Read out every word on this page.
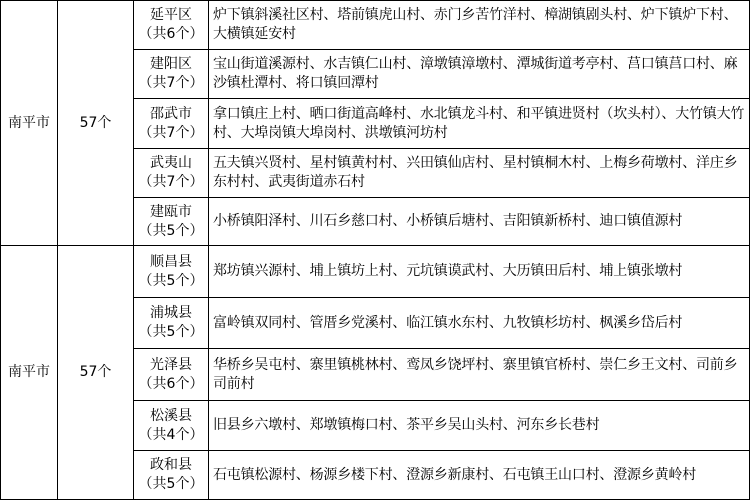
南平市	57个	延平区
（共6个）	炉下镇斜溪社区村、塔前镇虎山村、赤门乡苦竹洋村、樟湖镇剧头村、炉下镇炉下村、大横镇延安村

		建阳区
（共7个）	宝山街道溪源村、水吉镇仁山村、漳墩镇漳墩村、潭城街道考亭村、莒口镇莒口村、麻沙镇杜潭村、将口镇回潭村

		邵武市
（共7个）	拿口镇庄上村、晒口街道高峰村、水北镇龙斗村、和平镇进贤村（坎头村）、大竹镇大竹村、大埠岗镇大埠岗村、洪墩镇河坊村

		武夷山
（共7个）	五夫镇兴贤村、星村镇黄村村、兴田镇仙店村、星村镇桐木村、上梅乡荷墩村、洋庄乡东村村、武夷街道赤石村

		建瓯市
（共5个）	小桥镇阳泽村、川石乡慈口村、小桥镇后塘村、吉阳镇新桥村、迪口镇值源村
南平市	57个	顺昌县
（共5个）	郑坊镇兴源村、埔上镇坊上村、元坑镇谟武村、大历镇田后村、埔上镇张墩村

		浦城县
（共5个）	富岭镇双同村、管厝乡党溪村、临江镇水东村、九牧镇杉坊村、枫溪乡岱后村

		光泽县
（共6个）	华桥乡吴屯村、寨里镇桃林村、鸾凤乡饶坪村、寨里镇官桥村、崇仁乡王文村、司前乡司前村

		松溪县
（共4个）	旧县乡六墩村、郑墩镇梅口村、茶平乡吴山头村、河东乡长巷村

		政和县
（共5个）	石屯镇松源村、杨源乡楼下村、澄源乡新康村、石屯镇王山口村、澄源乡黄岭村
